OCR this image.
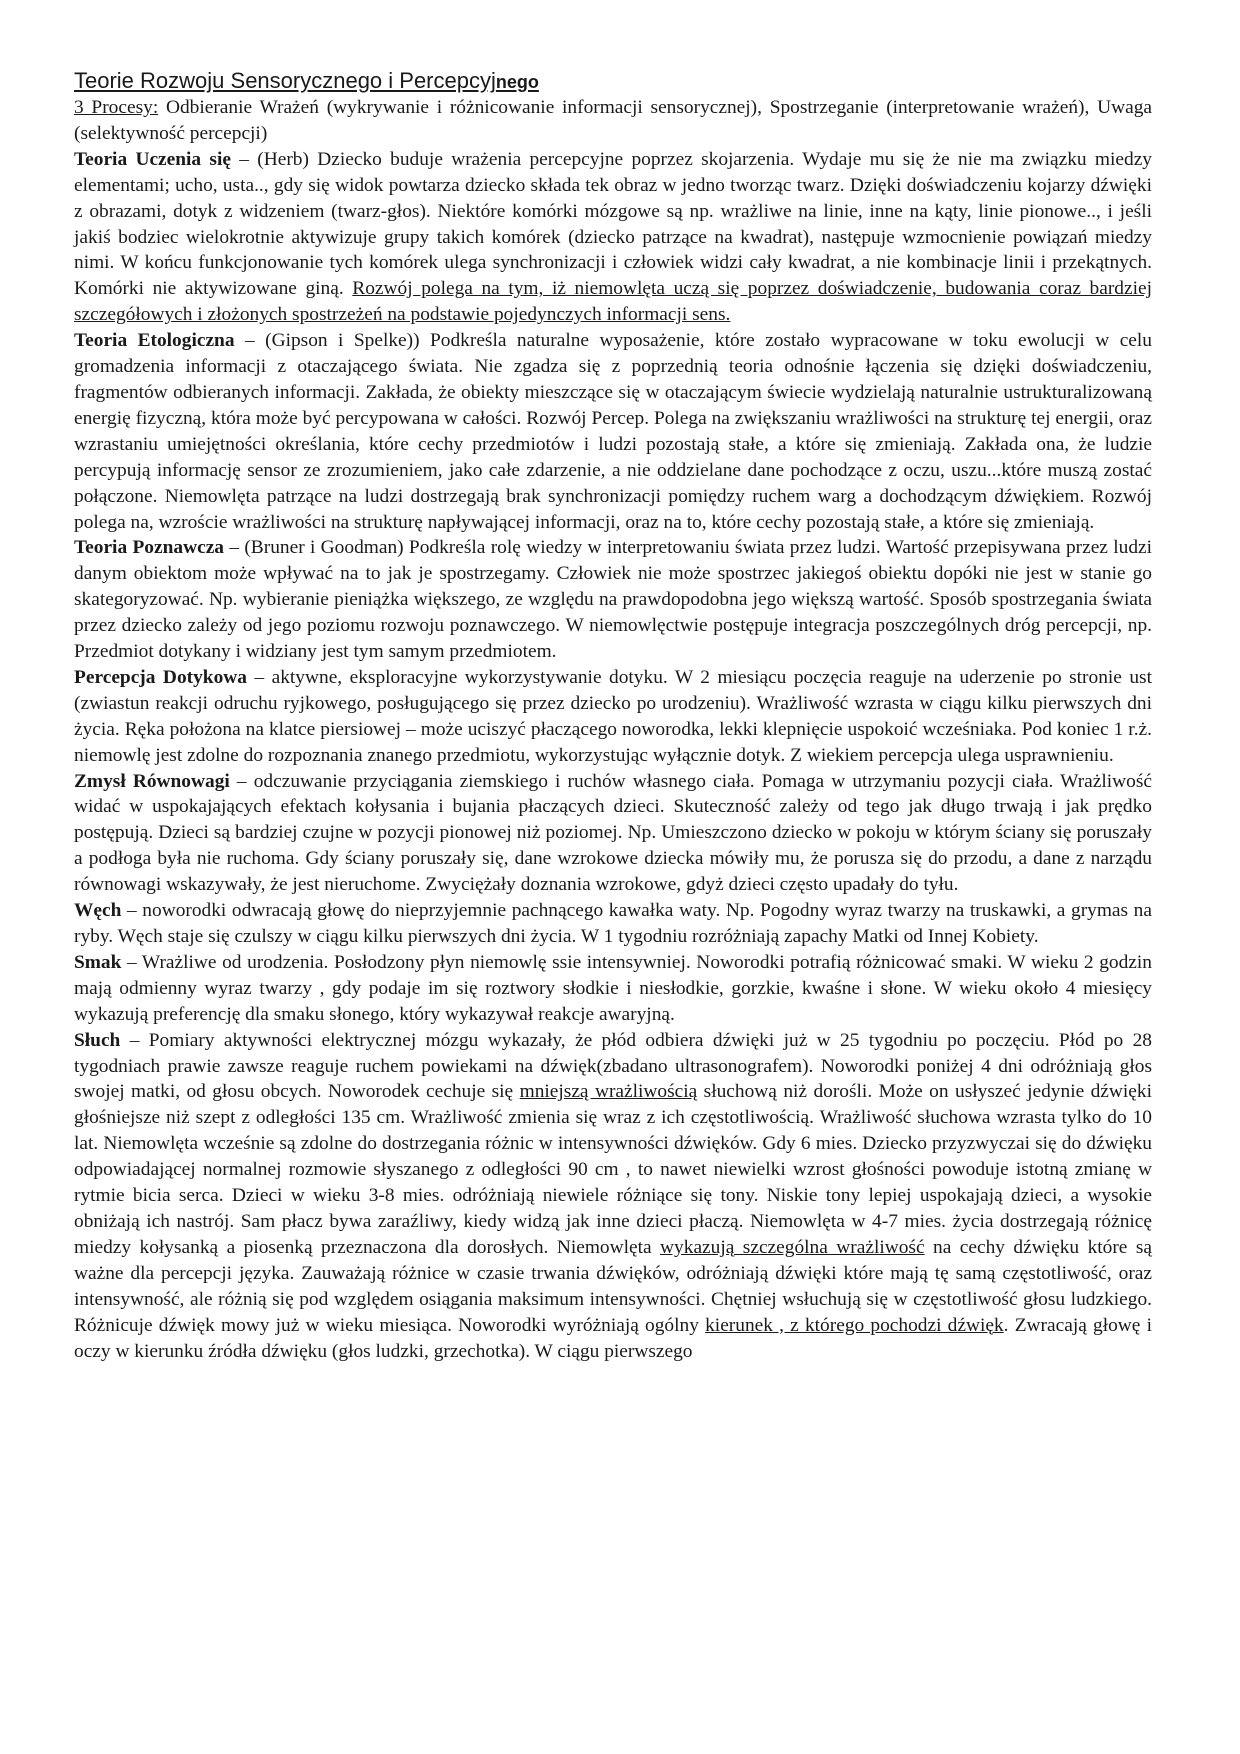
Teorie Rozwoju Sensorycznego i Percepcyjnego

3 Procesy: Odbieranie Wrażeń (wykrywanie i różnicowanie informacji sensorycznej), Spostrzeganie (interpretowanie wrażeń), Uwaga (selektywność percepcji)

Teoria Uczenia się – (Herb) Dziecko buduje wrażenia percepcyjne poprzez skojarzenia. Wydaje mu się że nie ma związku miedzy elementami; ucho, usta.., gdy się widok powtarza dziecko składa tek obraz w jedno tworząc twarz. Dzięki doświadczeniu kojarzy dźwięki z obrazami, dotyk z widzeniem (twarz-głos). Niektóre komórki mózgowe są np. wrażliwe na linie, inne na kąty, linie pionowe.., i jeśli jakiś bodziec wielokrotnie aktywizuje grupy takich komórek (dziecko patrzące na kwadrat), następuje wzmocnienie powiązań miedzy nimi. W końcu funkcjonowanie tych komórek ulega synchronizacji i człowiek widzi cały kwadrat, a nie kombinacje linii i przekątnych. Komórki nie aktywizowane giną. Rozwój polega na tym, iż niemowlęta uczą się poprzez doświadczenie, budowania coraz bardziej szczegółowych i złożonych spostrzeżeń na podstawie pojedynczych informacji sens.

Teoria Etologiczna – (Gipson i Spelke)) Podkreśla naturalne wyposażenie, które zostało wypracowane w toku ewolucji w celu gromadzenia informacji z otaczającego świata. Nie zgadza się z poprzednią teoria odnośnie łączenia się dzięki doświadczeniu, fragmentów odbieranych informacji. Zakłada, że obiekty mieszczące się w otaczającym świecie wydzielają naturalnie ustrukturalizowaną energię fizyczną, która może być percypowana w całości. Rozwój Percep. Polega na zwiększaniu wrażliwości na strukturę tej energii, oraz wzrastaniu umiejętności określania, które cechy przedmiotów i ludzi pozostają stałe, a które się zmieniają. Zakłada ona, że ludzie percypują informację sensor ze zrozumieniem, jako całe zdarzenie, a nie oddzielane dane pochodzące z oczu, uszu...które muszą zostać połączone. Niemowlęta patrzące na ludzi dostrzegają brak synchronizacji pomiędzy ruchem warg a dochodzącym dźwiękiem. Rozwój polega na, wzroście wrażliwości na strukturę napływającej informacji, oraz na to, które cechy pozostają stałe, a które się zmieniają.

Teoria Poznawcza – (Bruner i Goodman) Podkreśla rolę wiedzy w interpretowaniu świata przez ludzi. Wartość przepisywana przez ludzi danym obiektom może wpływać na to jak je spostrzegamy. Człowiek nie może spostrzec jakiegoś obiektu dopóki nie jest w stanie go skategoryzować. Np. wybieranie pieniążka większego, ze względu na prawdopodobna jego większą wartość. Sposób spostrzegania świata przez dziecko zależy od jego poziomu rozwoju poznawczego. W niemowlęctwie postępuje integracja poszczególnych dróg percepcji, np. Przedmiot dotykany i widziany jest tym samym przedmiotem.

Percepcja Dotykowa – aktywne, eksploracyjne wykorzystywanie dotyku. W 2 miesiącu poczęcia reaguje na uderzenie po stronie ust (zwiastun reakcji odruchu ryjkowego, posługującego się przez dziecko po urodzeniu). Wrażliwość wzrasta w ciągu kilku pierwszych dni życia. Ręka położona na klatce piersiowej – może uciszyć płaczącego noworodka, lekki klepnięcie uspokoić wcześniaka. Pod koniec 1 r.ż. niemowlę jest zdolne do rozpoznania znanego przedmiotu, wykorzystując wyłącznie dotyk. Z wiekiem percepcja ulega usprawnieniu.

Zmysł Równowagi – odczuwanie przyciągania ziemskiego i ruchów własnego ciała. Pomaga w utrzymaniu pozycji ciała. Wrażliwość widać w uspokajających efektach kołysania i bujania płaczących dzieci. Skuteczność zależy od tego jak długo trwają i jak prędko postępują. Dzieci są bardziej czujne w pozycji pionowej niż poziomej. Np. Umieszczono dziecko w pokoju w którym ściany się poruszały a podłoga była nie ruchoma. Gdy ściany poruszały się, dane wzrokowe dziecka mówiły mu, że porusza się do przodu, a dane z narządu równowagi wskazywały, że jest nieruchome. Zwyciężały doznania wzrokowe, gdyż dzieci często upadały do tyłu.

Węch – noworodki odwracają głowę do nieprzyjemnie pachnącego kawałka waty. Np. Pogodny wyraz twarzy na truskawki, a grymas na ryby. Węch staje się czulszy w ciągu kilku pierwszych dni życia. W 1 tygodniu rozróżniają zapachy Matki od Innej Kobiety.

Smak – Wrażliwe od urodzenia. Posłodzony płyn niemowlę ssie intensywniej. Noworodki potrafią różnicować smaki. W wieku 2 godzin mają odmienny wyraz twarzy , gdy podaje im się roztwory słodkie i niesłodkie, gorzkie, kwaśne i słone. W wieku około 4 miesięcy wykazują preferencję dla smaku słonego, który wykazywał reakcje awaryjną.

Słuch – Pomiary aktywności elektrycznej mózgu wykazały, że płód odbiera dźwięki już w 25 tygodniu po poczęciu. Płód po 28 tygodniach prawie zawsze reaguje ruchem powiekami na dźwięk(zbadano ultrasonografem). Noworodki poniżej 4 dni odróżniają głos swojej matki, od głosu obcych. Noworodek cechuje się mniejszą wrażliwością słuchową niż dorośli. Może on usłyszeć jedynie dźwięki głośniejsze niż szept z odległości 135 cm. Wrażliwość zmienia się wraz z ich częstotliwością. Wrażliwość słuchowa wzrasta tylko do 10 lat. Niemowlęta wcześnie są zdolne do dostrzegania różnic w intensywności dźwięków. Gdy 6 mies. Dziecko przyzwyczai się do dźwięku odpowiadającej normalnej rozmowie słyszanego z odległości 90 cm , to nawet niewielki wzrost głośności powoduje istotną zmianę w rytmie bicia serca. Dzieci w wieku 3-8 mies. odróżniają niewiele różniące się tony. Niskie tony lepiej uspokajają dzieci, a wysokie obniżają ich nastrój. Sam płacz bywa zaraźliwy, kiedy widzą jak inne dzieci płaczą. Niemowlęta w 4-7 mies. życia dostrzegają różnicę miedzy kołysanką a piosenką przeznaczona dla dorosłych. Niemowlęta wykazują szczególna wrażliwość na cechy dźwięku które są ważne dla percepcji języka. Zauważają różnice w czasie trwania dźwięków, odróżniają dźwięki które mają tę samą częstotliwość, oraz intensywność, ale różnią się pod względem osiągania maksimum intensywności. Chętniej wsłuchują się w częstotliwość głosu ludzkiego. Różnicuje dźwięk mowy już w wieku miesiąca. Noworodki wyróżniają ogólny kierunek , z którego pochodzi dźwięk. Zwracają głowę i oczy w kierunku źródła dźwięku (głos ludzki, grzechotka). W ciągu pierwszego
